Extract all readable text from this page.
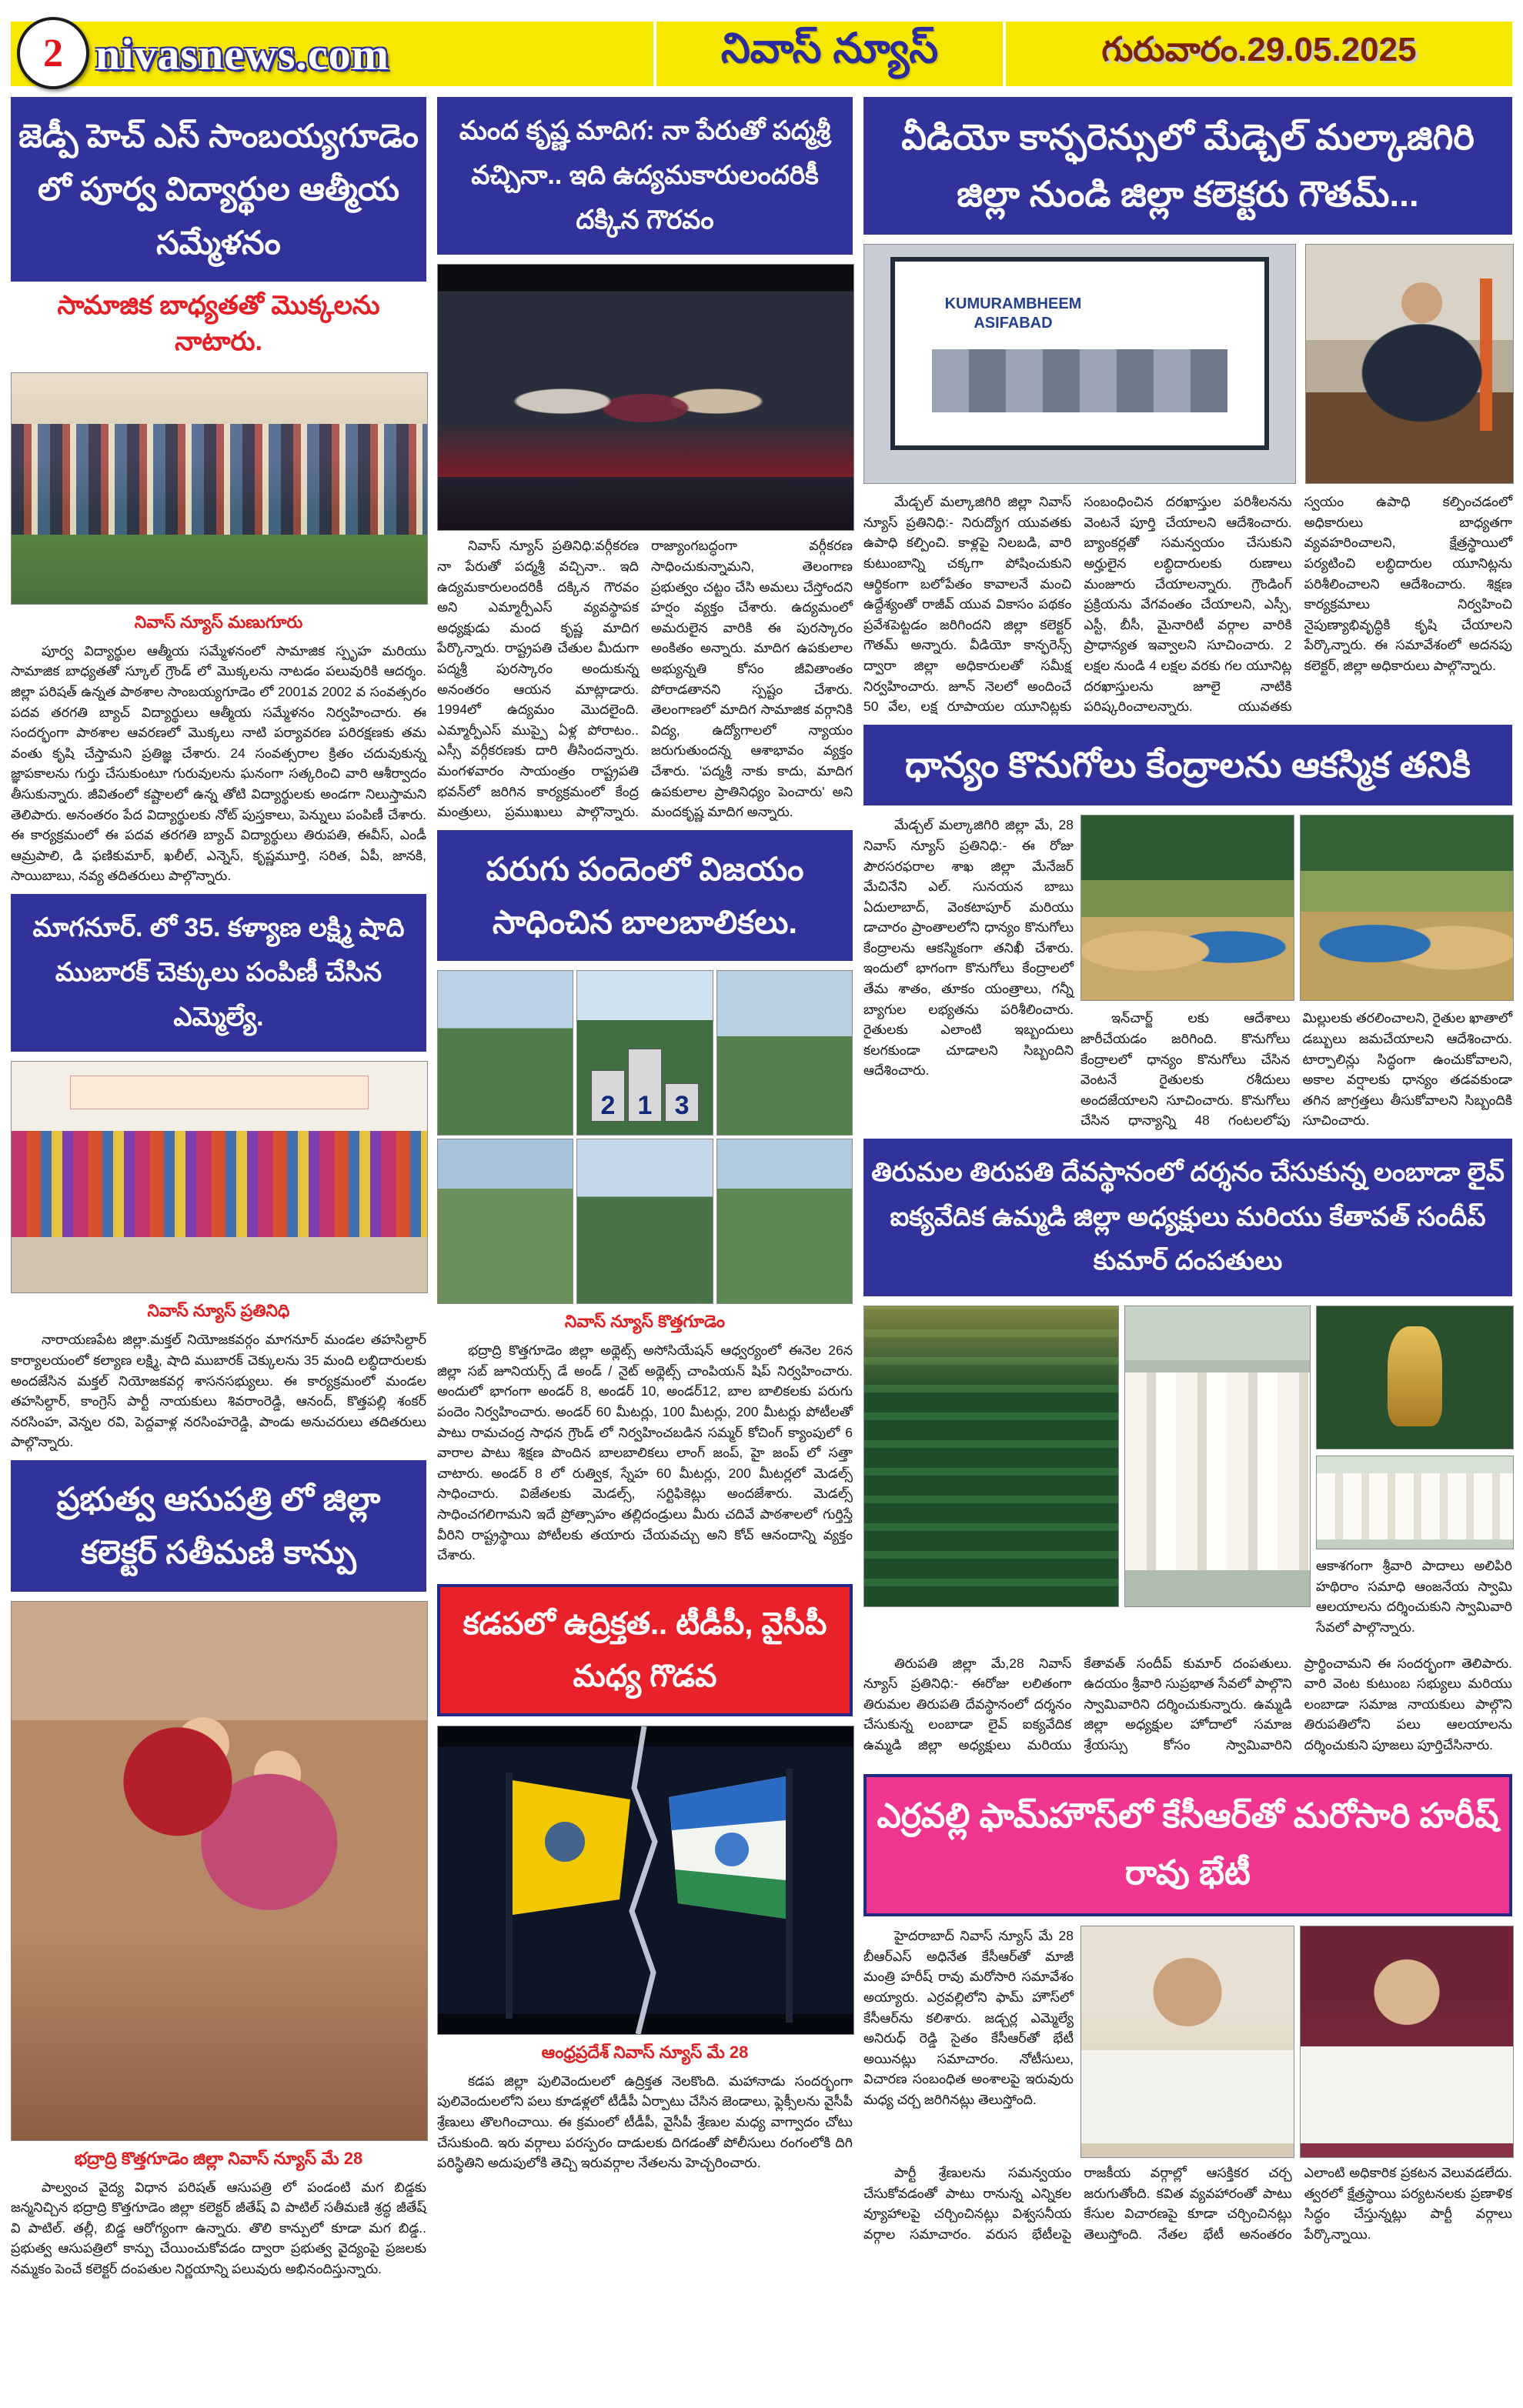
2 nivasnews.com	నివాస్ న్యూస్	గురువారం.29.05.2025
జెడ్పీ హెచ్ ఎస్ సాంబయ్యగూడెం లో పూర్వ విద్యార్థుల ఆత్మీయ సమ్మేళనం
సామాజిక బాధ్యతతో మొక్కలను నాటారు.
నివాస్ న్యూస్ మణుగూరు

పూర్వ విద్యార్థుల ఆత్మీయ సమ్మేళనంలో సామాజిక స్పృహ మరియు సామాజిక బాధ్యతతో స్కూల్ గ్రౌండ్ లో మొక్కలను నాటడం పలువురికి ఆదర్శం. జిల్లా పరిషత్ ఉన్నత పాఠశాల సాంబయ్యగూడెం లో 2001వ 2002 వ సంవత్సరం పదవ తరగతి బ్యాచ్ విద్యార్థులు ఆత్మీయ సమ్మేళనం నిర్వహించారు. ఈ సందర్భంగా పాఠశాల ఆవరణలో మొక్కలు నాటి పర్యావరణ పరిరక్షణకు తమ వంతు కృషి చేస్తామని ప్రతిజ్ఞ చేశారు. 24 సంవత్సరాల క్రితం చదువుకున్న జ్ఞాపకాలను గుర్తు చేసుకుంటూ గురువులను ఘనంగా సత్కరించి వారి ఆశీర్వాదం తీసుకున్నారు. జీవితంలో కష్టాలలో ఉన్న తోటి విద్యార్థులకు అండగా నిలుస్తామని తెలిపారు. అనంతరం పేద విద్యార్థులకు నోట్ పుస్తకాలు, పెన్నులు పంపిణీ చేశారు. ఈ కార్యక్రమంలో ఈ పదవ తరగతి బ్యాచ్ విద్యార్థులు తిరుపతి, ఈవీస్, ఎండీ ఆమ్రపాలి, డి ఫణికుమార్, ఖలీల్, ఎన్నెస్, కృష్ణమూర్తి, సరిత, ఏపీ, జానకి, సాయిబాబు, నవ్య తదితరులు పాల్గొన్నారు.

మాగనూర్. లో 35. కళ్యాణ లక్ష్మి షాది ముబారక్ చెక్కులు పంపిణీ చేసిన ఎమ్మెల్యే.
నివాస్ న్యూస్ ప్రతినిధి

నారాయణపేట జిల్లా.మక్తల్ నియోజకవర్గం మాగనూర్ మండల తహసిల్దార్ కార్యాలయంలో కల్యాణ లక్ష్మి, షాది ముబారక్ చెక్కులను 35 మంది లబ్ధిదారులకు అందజేసిన మక్తల్ నియోజకవర్గ శాసనసభ్యులు. ఈ కార్యక్రమంలో మండల తహసిల్దార్, కాంగ్రెస్ పార్టీ నాయకులు శివరాంరెడ్డి, ఆనంద్, కొత్తపల్లి శంకర్ నరసింహ, వెన్నల రవి, పెద్దవాళ్ల నరసింహరెడ్డి, పాండు అనుచరులు తదితరులు పాల్గొన్నారు.

ప్రభుత్వ ఆసుపత్రి లో జిల్లా కలెక్టర్ సతీమణి కాన్పు
భద్రాద్రి కొత్తగూడెం జిల్లా నివాస్ న్యూస్ మే 28

పాల్వంచ వైద్య విధాన పరిషత్ ఆసుపత్రి లో పండంటి మగ బిడ్డకు జన్మనిచ్చిన భద్రాద్రి కొత్తగూడెం జిల్లా కలెక్టర్ జీతేష్ వి పాటిల్ సతీమణి శ్రద్ధ జీతేష్ వి పాటిల్. తల్లీ, బిడ్డ ఆరోగ్యంగా ఉన్నారు. తొలి కాన్పులో కూడా మగ బిడ్డ.. ప్రభుత్వ ఆసుపత్రిలో కాన్పు చేయించుకోవడం ద్వారా ప్రభుత్వ వైద్యంపై ప్రజలకు నమ్మకం పెంచే కలెక్టర్ దంపతుల నిర్ణయాన్ని పలువురు అభినందిస్తున్నారు.

మంద కృష్ణ మాదిగ: నా పేరుతో పద్మశ్రీ వచ్చినా.. ఇది ఉద్యమకారులందరికీ దక్కిన గౌరవం

నివాస్ న్యూస్ ప్రతినిధి:వర్గీకరణ నా పేరుతో పద్మశ్రీ వచ్చినా.. ఇది ఉద్యమకారులందరికీ దక్కిన గౌరవం అని ఎమ్మార్పీఎస్ వ్యవస్థాపక అధ్యక్షుడు మంద కృష్ణ మాదిగ పేర్కొన్నారు. రాష్ట్రపతి చేతుల మీదుగా పద్మశ్రీ పురస్కారం అందుకున్న అనంతరం ఆయన మాట్లాడారు. 1994లో ఉద్యమం మొదలైంది. ఎమ్మార్పీఎస్ ముప్పై ఏళ్ల పోరాటం.. ఎస్సీ వర్గీకరణకు దారి తీసిందన్నారు. మంగళవారం సాయంత్రం రాష్ట్రపతి భవన్‌లో జరిగిన కార్యక్రమంలో కేంద్ర మంత్రులు, ప్రముఖులు పాల్గొన్నారు. రాజ్యాంగబద్ధంగా వర్గీకరణ సాధించుకున్నామని, తెలంగాణ ప్రభుత్వం చట్టం చేసి అమలు చేస్తోందని హర్షం వ్యక్తం చేశారు. ఉద్యమంలో అమరులైన వారికి ఈ పురస్కారం అంకితం అన్నారు. మాదిగ ఉపకులాల అభ్యున్నతి కోసం జీవితాంతం పోరాడతానని స్పష్టం చేశారు. తెలంగాణలో మాదిగ సామాజిక వర్గానికి విద్య, ఉద్యోగాలలో న్యాయం జరుగుతుందన్న ఆశాభావం వ్యక్తం చేశారు. 'పద్మశ్రీ నాకు కాదు, మాదిగ ఉపకులాల ప్రాతినిధ్యం పెంచారు' అని మందకృష్ణ మాదిగ అన్నారు.

పరుగు పందెంలో విజయం సాధించిన బాలబాలికలు.
2 1 3
నివాస్ న్యూస్ కొత్తగూడెం

భద్రాద్రి కొత్తగూడెం జిల్లా అథ్లెట్స్ అసోసియేషన్ ఆధ్వర్యంలో ఈనెల 26న జిల్లా సబ్ జూనియర్స్ డే అండ్ / నైట్ అథ్లెట్స్ చాంపియన్ షిప్ నిర్వహించారు. అందులో భాగంగా అండర్ 8, అండర్ 10, అండర్12, బాల బాలికలకు పరుగు పందెం నిర్వహించారు. అండర్ 60 మీటర్లు, 100 మీటర్లు, 200 మీటర్లు పోటీలతో పాటు రామచంద్ర సాధన గ్రౌండ్ లో నిర్వహించబడిన సమ్మర్ కోచింగ్ క్యాంపులో 6 వారాల పాటు శిక్షణ పొందిన బాలబాలికలు లాంగ్ జంప్, హై జంప్ లో సత్తా చాటారు. అండర్ 8 లో రుత్విక, స్నేహ 60 మీటర్లు, 200 మీటర్లలో మెడల్స్ సాధించారు. విజేతలకు మెడల్స్, సర్టిఫికెట్లు అందజేశారు. మెడల్స్ సాధించగలిగామని ఇదే ప్రోత్సాహం తల్లిదండ్రులు మీరు చదివే పాఠశాలలో గుర్తిస్తే వీరిని రాష్ట్రస్థాయి పోటీలకు తయారు చేయవచ్చు అని కోచ్ ఆనందాన్ని వ్యక్తం చేశారు.

కడపలో ఉద్రిక్తత.. టీడీపీ, వైసీపీ మధ్య గొడవ
ఆంధ్రప్రదేశ్ నివాస్ న్యూస్ మే 28

కడప జిల్లా పులివెందులలో ఉద్రిక్తత నెలకొంది. మహానాడు సందర్భంగా పులివెందులలోని పలు కూడళ్లలో టీడీపీ ఏర్పాటు చేసిన జెండాలు, ఫ్లెక్సీలను వైసీపీ శ్రేణులు తొలగించాయి. ఈ క్రమంలో టీడీపీ, వైసీపీ శ్రేణుల మధ్య వాగ్వాదం చోటు చేసుకుంది. ఇరు వర్గాలు పరస్పరం దాడులకు దిగడంతో పోలీసులు రంగంలోకి దిగి పరిస్థితిని అదుపులోకి తెచ్చి ఇరువర్గాల నేతలను హెచ్చరించారు.

వీడియో కాన్ఫరెన్సులో మేడ్చెల్ మల్కాజిగిరి జిల్లా నుండి జిల్లా కలెక్టరు గౌతమ్...
KUMURAMBHEEM ASIFABAD

మేడ్చల్ మల్కాజిగిరి జిల్లా నివాస్ న్యూస్ ప్రతినిధి:- నిరుద్యోగ యువతకు ఉపాధి కల్పించి. కాళ్లపై నిలబడి, వారి కుటుంబాన్ని చక్కగా పోషించుకుని ఆర్థికంగా బలోపేతం కావాలనే మంచి ఉద్దేశ్యంతో రాజీవ్ యువ వికాసం పథకం ప్రవేశపెట్టడం జరిగిందని జిల్లా కలెక్టర్ గౌతమ్ అన్నారు. వీడియో కాన్ఫరెన్స్ ద్వారా జిల్లా అధికారులతో సమీక్ష నిర్వహించారు. జూన్ నెలలో అందించే 50 వేల, లక్ష రూపాయల యూనిట్లకు సంబంధించిన దరఖాస్తుల పరిశీలనను వెంటనే పూర్తి చేయాలని ఆదేశించారు. బ్యాంకర్లతో సమన్వయం చేసుకుని అర్హులైన లబ్ధిదారులకు రుణాలు మంజూరు చేయాలన్నారు. గ్రౌండింగ్ ప్రక్రియను వేగవంతం చేయాలని, ఎస్సీ, ఎస్టీ, బీసీ, మైనారిటీ వర్గాల వారికి ప్రాధాన్యత ఇవ్వాలని సూచించారు. 2 లక్షల నుండి 4 లక్షల వరకు గల యూనిట్ల దరఖాస్తులను జూలై నాటికి పరిష్కరించాలన్నారు. యువతకు స్వయం ఉపాధి కల్పించడంలో అధికారులు బాధ్యతగా వ్యవహరించాలని, క్షేత్రస్థాయిలో పర్యటించి లబ్ధిదారుల యూనిట్లను పరిశీలించాలని ఆదేశించారు. శిక్షణ కార్యక్రమాలు నిర్వహించి నైపుణ్యాభివృద్ధికి కృషి చేయాలని పేర్కొన్నారు. ఈ సమావేశంలో అదనపు కలెక్టర్, జిల్లా అధికారులు పాల్గొన్నారు.

ధాన్యం కొనుగోలు కేంద్రాలను ఆకస్మిక తనికి

మేడ్చల్ మల్కాజిగిరి జిల్లా మే, 28 నివాస్ న్యూస్ ప్రతినిధి:- ఈ రోజు పౌరసరఫరాల శాఖ జిల్లా మేనేజర్ మేచినేని ఎల్. సునయన బాబు ఏదులాబాద్, వెంకటాపూర్ మరియు డాచారం ప్రాంతాలలోని ధాన్యం కొనుగోలు కేంద్రాలను ఆకస్మికంగా తనిఖీ చేశారు. ఇందులో భాగంగా కొనుగోలు కేంద్రాలలో తేమ శాతం, తూకం యంత్రాలు, గన్నీ బ్యాగుల లభ్యతను పరిశీలించారు. రైతులకు ఎలాంటి ఇబ్బందులు కలగకుండా చూడాలని సిబ్బందిని ఆదేశించారు.

ఇన్‌చార్జ్ లకు ఆదేశాలు జారీచేయడం జరిగింది. కొనుగోలు కేంద్రాలలో ధాన్యం కొనుగోలు చేసిన వెంటనే రైతులకు రశీదులు అందజేయాలని సూచించారు. కొనుగోలు చేసిన ధాన్యాన్ని 48 గంటలలోపు మిల్లులకు తరలించాలని, రైతుల ఖాతాలో డబ్బులు జమచేయాలని ఆదేశించారు. టార్పాలిన్లు సిద్ధంగా ఉంచుకోవాలని, అకాల వర్షాలకు ధాన్యం తడవకుండా తగిన జాగ్రత్తలు తీసుకోవాలని సిబ్బందికి సూచించారు.

తిరుమల తిరుపతి దేవస్థానంలో దర్శనం చేసుకున్న లంబాడా లైవ్ ఐక్యవేదిక ఉమ్మడి జిల్లా అధ్యక్షులు మరియు కేతావత్ సందీప్ కుమార్ దంపతులు

ఆకాశగంగా శ్రీవారి పాదాలు అలిపిరి హథిరాం సమాధి ఆంజనేయ స్వామి ఆలయాలను దర్శించుకుని స్వామివారి సేవలో పాల్గొన్నారు.

తిరుపతి జిల్లా మే,28 నివాస్ న్యూస్ ప్రతినిధి:- ఈరోజు లలితంగా తిరుమల తిరుపతి దేవస్థానంలో దర్శనం చేసుకున్న లంబాడా లైవ్ ఐక్యవేదిక ఉమ్మడి జిల్లా అధ్యక్షులు మరియు కేతావత్ సందీప్ కుమార్ దంపతులు. ఉదయం శ్రీవారి సుప్రభాత సేవలో పాల్గొని స్వామివారిని దర్శించుకున్నారు. ఉమ్మడి జిల్లా అధ్యక్షుల హోదాలో సమాజ శ్రేయస్సు కోసం స్వామివారిని ప్రార్థించామని ఈ సందర్భంగా తెలిపారు. వారి వెంట కుటుంబ సభ్యులు మరియు లంబాడా సమాజ నాయకులు పాల్గొని తిరుపతిలోని పలు ఆలయాలను దర్శించుకుని పూజలు పూర్తిచేసినారు.

ఎర్రవల్లి ఫామ్‌హౌస్‌లో కేసీఆర్‌తో మరోసారి హరీష్ రావు భేటీ

హైదరాబాద్ నివాస్ న్యూస్ మే 28 బీఆర్ఎస్ అధినేత కేసీఆర్‌తో మాజీ మంత్రి హరీష్ రావు మరోసారి సమావేశం అయ్యారు. ఎర్రవల్లిలోని ఫామ్ హౌస్‌లో కేసీఆర్‌ను కలిశారు. జడ్చర్ల ఎమ్మెల్యే అనిరుధ్ రెడ్డి సైతం కేసీఆర్‌తో భేటీ అయినట్లు సమాచారం. నోటీసులు, విచారణ సంబంధిత అంశాలపై ఇరువురు మధ్య చర్చ జరిగినట్లు తెలుస్తోంది.

పార్టీ శ్రేణులను సమన్వయం చేసుకోవడంతో పాటు రానున్న ఎన్నికల వ్యూహాలపై చర్చించినట్లు విశ్వసనీయ వర్గాల సమాచారం. వరుస భేటీలపై రాజకీయ వర్గాల్లో ఆసక్తికర చర్చ జరుగుతోంది. కవిత వ్యవహారంతో పాటు కేసుల విచారణపై కూడా చర్చించినట్లు తెలుస్తోంది. నేతల భేటీ అనంతరం ఎలాంటి అధికారిక ప్రకటన వెలువడలేదు. త్వరలో క్షేత్రస్థాయి పర్యటనలకు ప్రణాళిక సిద్ధం చేస్తున్నట్లు పార్టీ వర్గాలు పేర్కొన్నాయి.
